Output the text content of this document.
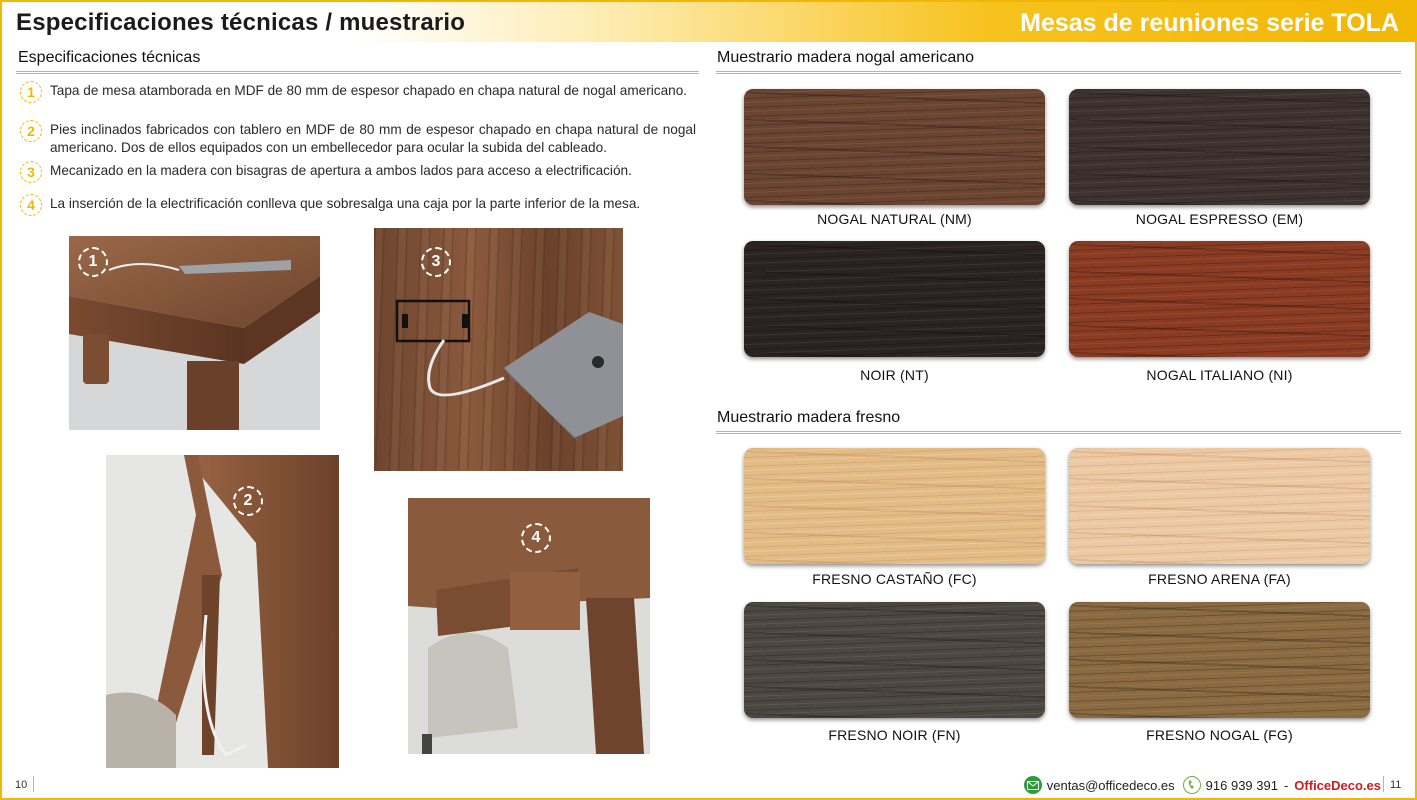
Especificaciones técnicas / muestrario	Mesas de reuniones serie TOLA
Especificaciones técnicas
1	Tapa de mesa atamborada en MDF de 80 mm de espesor chapado en chapa natural de nogal americano.
2	Pies inclinados fabricados con tablero en MDF de 80 mm de espesor chapado en chapa natural de nogal americano. Dos de ellos equipados con un embellecedor para ocular la subida del cableado.
3	Mecanizado en la madera con bisagras de apertura a ambos lados para acceso a electrificación.
4	La inserción de la electrificación conlleva que sobresalga una caja por la parte inferior de la mesa.
1	3
2
4
Muestrario madera nogal americano
NOGAL NATURAL (NM)	NOGAL ESPRESSO (EM)
NOIR (NT)	NOGAL ITALIANO (NI)
Muestrario madera fresno
FRESNO CASTAÑO (FC)	FRESNO ARENA (FA)
FRESNO NOIR (FN)	FRESNO NOGAL (FG)
10	ventas@officedeco.es 916 939 391 - OfficeDeco.es 11
